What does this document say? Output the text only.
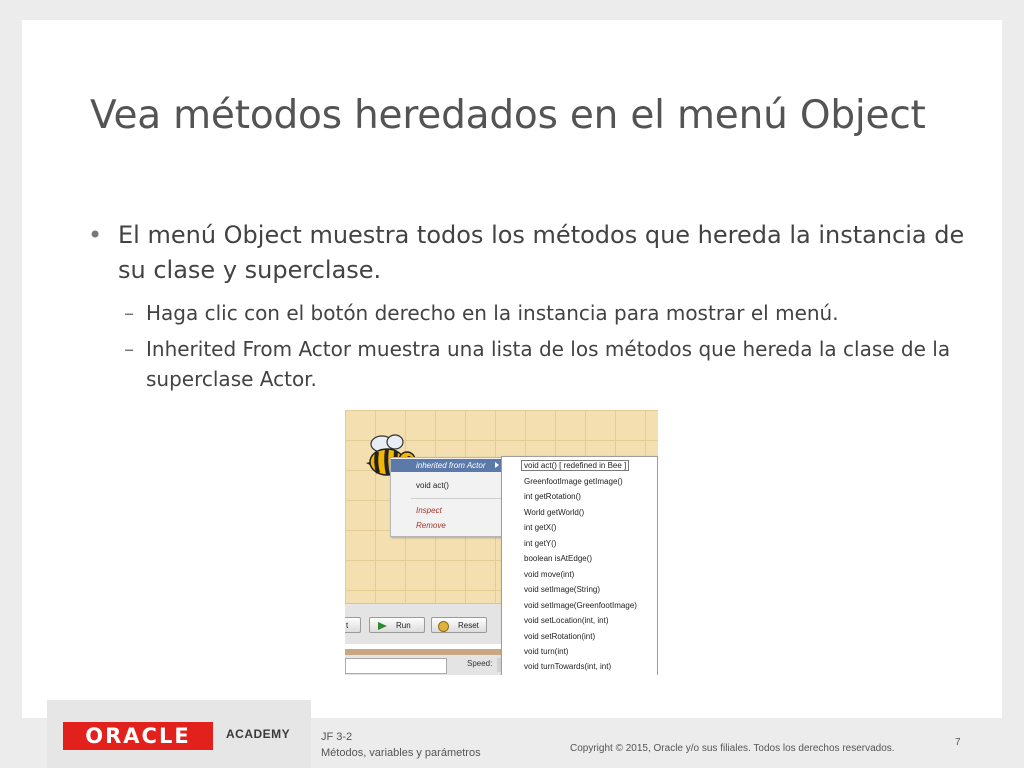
Vea métodos heredados en el menú Object
• El menú Object muestra todos los métodos que hereda la instancia de su clase y superclase.
– Haga clic con el botón derecho en la instancia para mostrar el menú.
– Inherited From Actor muestra una lista de los métodos que hereda la clase de la superclase Actor.
t	Run	Reset
Speed:
inherited from Actor
void act()
Inspect
Remove
void act() [ redefined in Bee ]
GreenfootImage getImage()
int getRotation()
World getWorld()
int getX()
int getY()
boolean isAtEdge()
void move(int)
void setImage(String)
void setImage(GreenfootImage)
void setLocation(int, int)
void setRotation(int)
void turn(int)
void turnTowards(int, int)
ORACLE	ACADEMY	JF 3-2
Métodos, variables y parámetros	Copyright © 2015, Oracle y/o sus filiales. Todos los derechos reservados.
7
